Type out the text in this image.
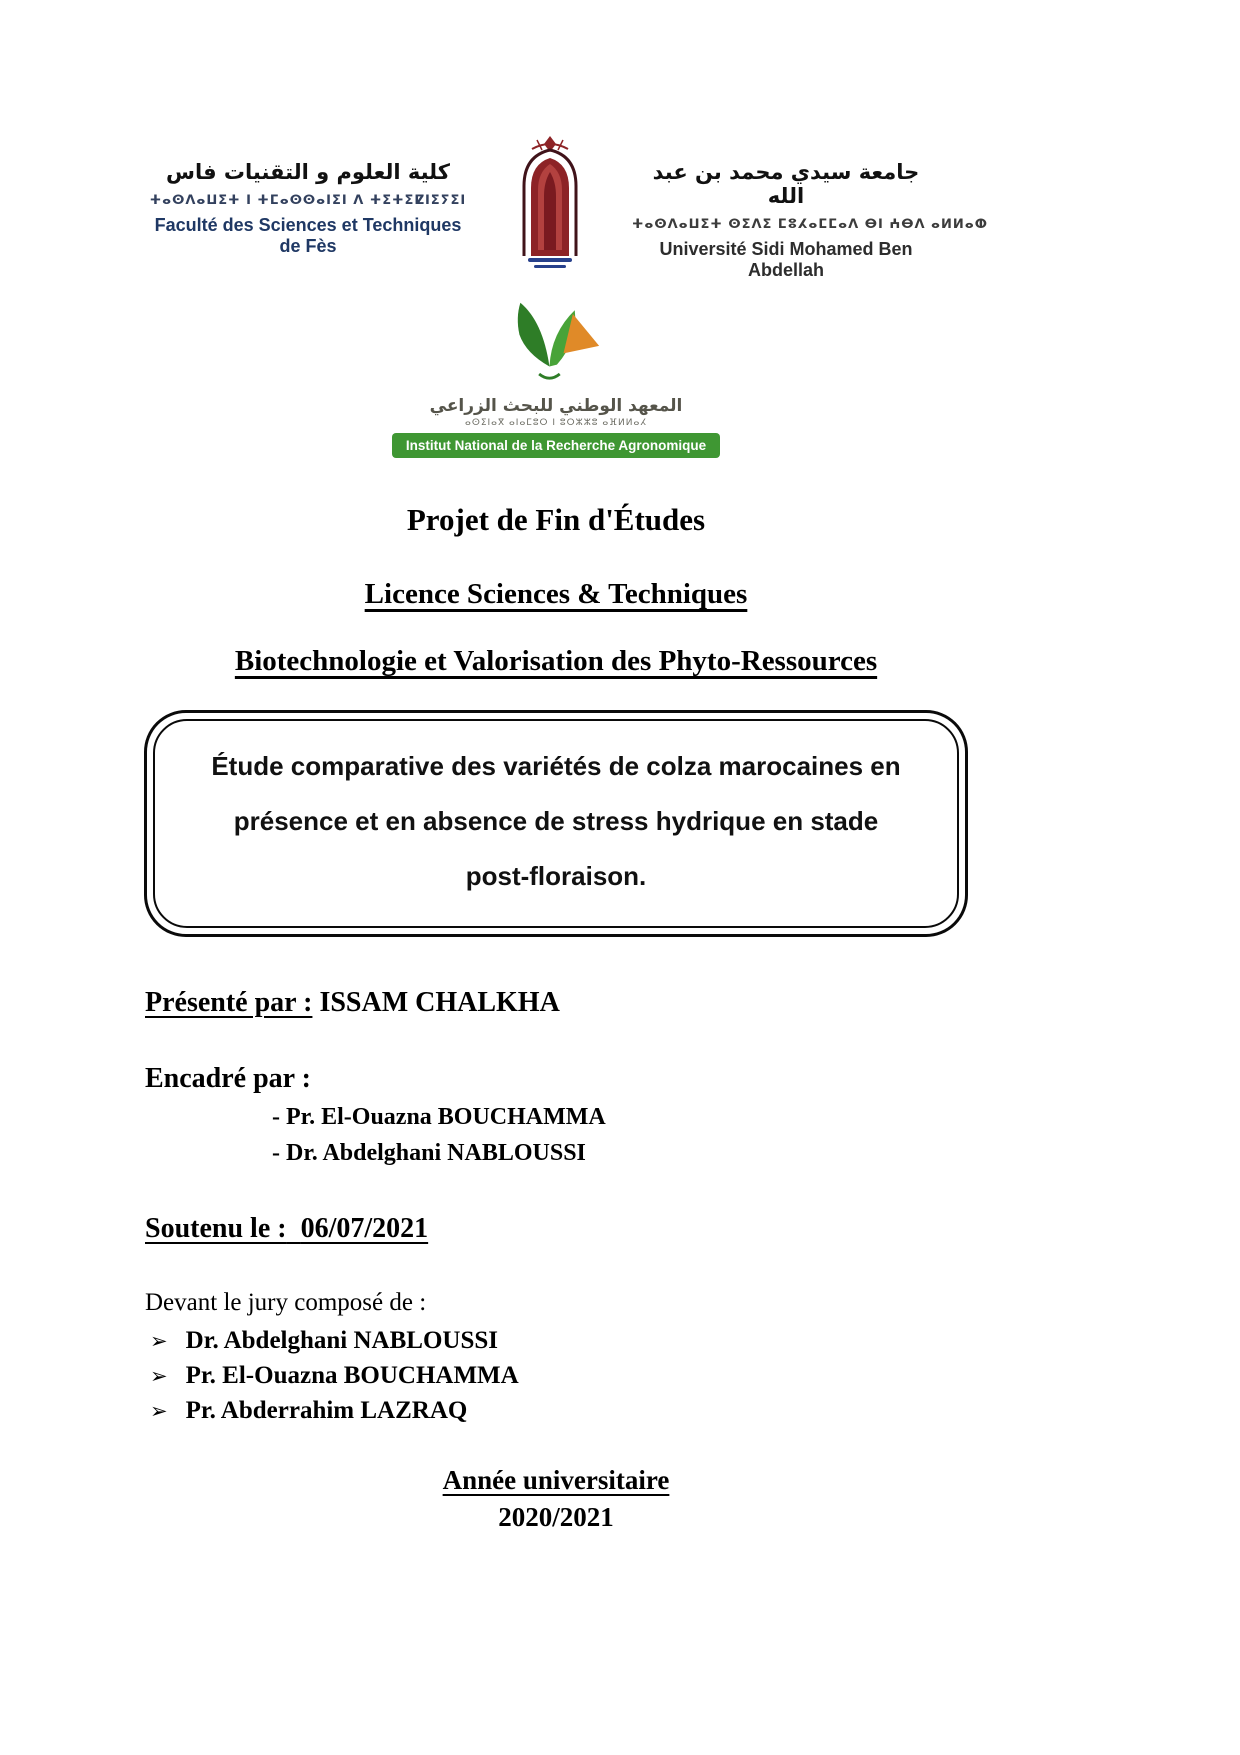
كلية العلوم و التقنيات فاس
ⵜⴰⵙⴷⴰⵡⵉⵜ ⵏ ⵜⵎⴰⵙⵙⴰⵏⵉⵏ ⴷ ⵜⵉⵜⵉⵇⵏⵉⵢⵉⵏ
Faculté des Sciences et Techniques de Fès
جامعة سيدي محمد بن عبد الله
ⵜⴰⵙⴷⴰⵡⵉⵜ ⵙⵉⴷⵉ ⵎⵓⵃⴰⵎⵎⴰⴷ ⴱⵏ ⵄⴱⴷ ⴰⵍⵍⴰⵀ
Université Sidi Mohamed Ben Abdellah
المعهد الوطني للبحث الزراعي
ⴰⵙⵉⵏⴰⴳ ⴰⵏⴰⵎⵓⵔ ⵏ ⵓⵔⵣⵣⵓ ⴰⴼⵍⵍⴰⵃ
Institut National de la Recherche Agronomique
Projet de Fin d'Études
Licence Sciences & Techniques
Biotechnologie et Valorisation des Phyto-Ressources
Étude comparative des variétés de colza marocaines en
présence et en absence de stress hydrique en stade
post-floraison.

Présenté par : ISSAM CHALKHA

Encadré par :

- Pr. El-Ouazna BOUCHAMMA

- Dr. Abdelghani NABLOUSSI

Soutenu le : 06/07/2021

Devant le jury composé de :

➢ Dr. Abdelghani NABLOUSSI
➢ Pr. El-Ouazna BOUCHAMMA
➢ Pr. Abderrahim LAZRAQ
Année universitaire
2020/2021
